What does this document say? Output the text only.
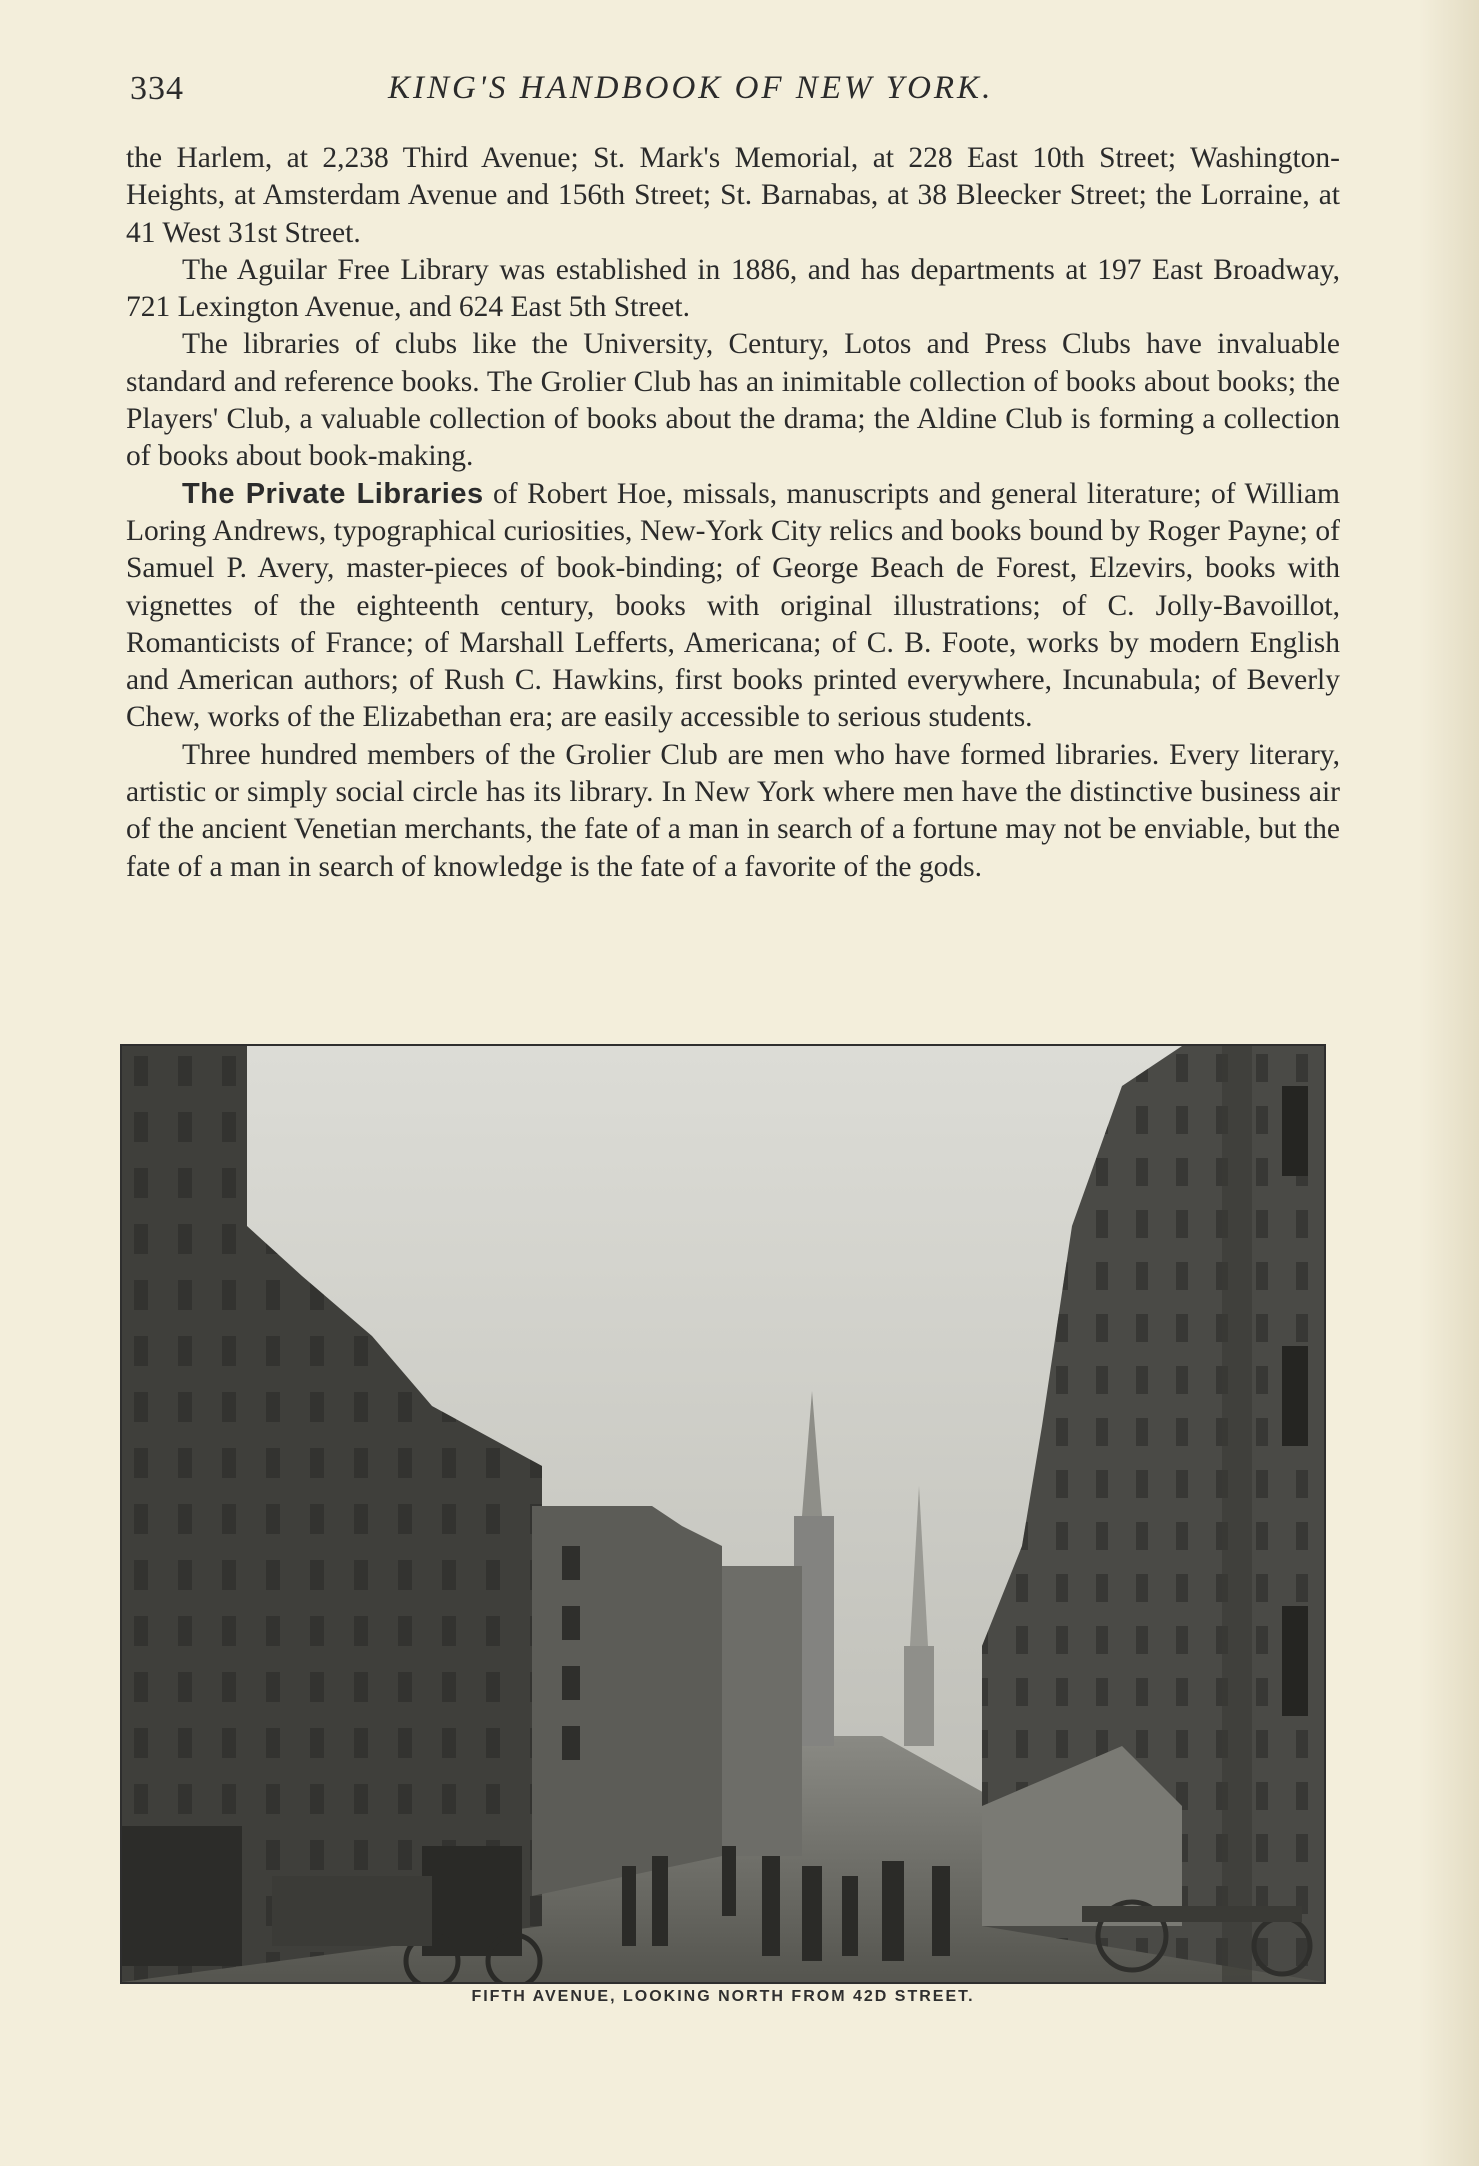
334	KING'S HANDBOOK OF NEW YORK.

the Harlem, at 2,238 Third Avenue; St. Mark's Memorial, at 228 East 10th Street; Washington-Heights, at Amsterdam Avenue and 156th Street; St. Barnabas, at 38 Bleecker Street; the Lorraine, at 41 West 31st Street.

The Aguilar Free Library was established in 1886, and has departments at 197 East Broadway, 721 Lexington Avenue, and 624 East 5th Street.

The libraries of clubs like the University, Century, Lotos and Press Clubs have invaluable standard and reference books. The Grolier Club has an inimitable collection of books about books; the Players' Club, a valuable collection of books about the drama; the Aldine Club is forming a collection of books about book-making.

The Private Libraries of Robert Hoe, missals, manuscripts and general literature; of William Loring Andrews, typographical curiosities, New-York City relics and books bound by Roger Payne; of Samuel P. Avery, master-pieces of book-binding; of George Beach de Forest, Elzevirs, books with vignettes of the eighteenth century, books with original illustrations; of C. Jolly-Bavoillot, Romanticists of France; of Marshall Lefferts, Americana; of C. B. Foote, works by modern English and American authors; of Rush C. Hawkins, first books printed everywhere, Incunabula; of Beverly Chew, works of the Elizabethan era; are easily accessible to serious students.

Three hundred members of the Grolier Club are men who have formed libraries. Every literary, artistic or simply social circle has its library. In New York where men have the distinctive business air of the ancient Venetian merchants, the fate of a man in search of a fortune may not be enviable, but the fate of a man in search of knowledge is the fate of a favorite of the gods.

FIFTH AVENUE, LOOKING NORTH FROM 42D STREET.
